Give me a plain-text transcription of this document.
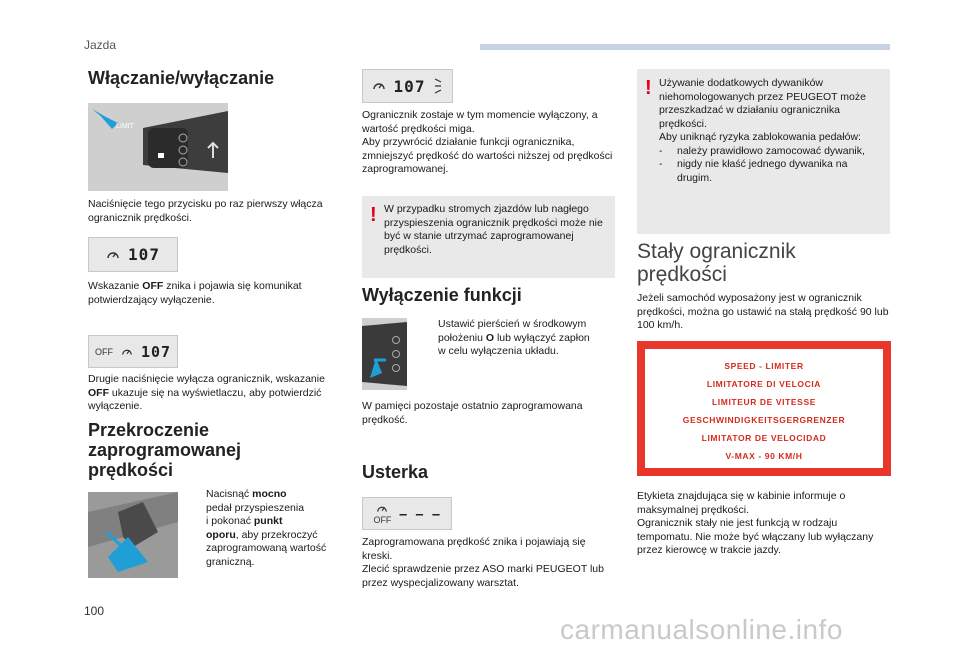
Jazda
Włączanie/wyłączanie
LIMIT

Naciśnięcie tego przycisku po raz pierwszy włącza ogranicznik prędkości.

107

Wskazanie OFF znika i pojawia się komunikat potwierdzający wyłączenie.

OFF 107

Drugie naciśnięcie wyłącza ogranicznik, wskazanie OFF ukazuje się na wyświetlaczu, aby potwierdzić wyłączenie.

Przekroczenie
zaprogramowanej
prędkości
Nacisnąć mocno
pedał przyspieszenia
i pokonać punkt
oporu, aby przekroczyć
zaprogramowaną wartość
graniczną.
107

Ogranicznik zostaje w tym momencie wyłączony, a wartość prędkości miga.

Aby przywrócić działanie funkcji ogranicznika, zmniejszyć prędkość do wartości niższej od prędkości zaprogramowanej.

! W przypadku stromych zjazdów lub nagłego przyspieszenia ogranicznik prędkości może nie być w stanie utrzymać zaprogramowanej prędkości.

Wyłączenie funkcji
Ustawić pierścień w środkowym
położeniu O lub wyłączyć zapłon
w celu wyłączenia układu.

W pamięci pozostaje ostatnio zaprogramowana prędkość.

Usterka
OFF – – –

Zaprogramowana prędkość znika i pojawiają się kreski.

Zlecić sprawdzenie przez ASO marki PEUGEOT lub przez wyspecjalizowany warsztat.

! Używanie dodatkowych dywaników niehomologowanych przez PEUGEOT może przeszkadzać w działaniu ogranicznika prędkości.

Aby uniknąć ryzyka zablokowania pedałów:

-	należy prawidłowo zamocować dywanik,
-	nigdy nie kłaść jednego dywanika na drugim.
Stały ogranicznik
prędkości

Jeżeli samochód wyposażony jest w ogranicznik prędkości, można go ustawić na stałą prędkość 90 lub 100 km/h.

SPEED - LIMITER
LIMITATORE DI VELOCIA
LIMITEUR DE VITESSE
GESCHWINDIGKEITSGERGRENZER
LIMITATOR DE VELOCIDAD
V-MAX - 90 KM/H

Etykieta znajdująca się w kabinie informuje o maksymalnej prędkości.

Ogranicznik stały nie jest funkcją w rodzaju tempomatu. Nie może być włączany lub wyłączany przez kierowcę w trakcie jazdy.

100
carmanualsonline.info
